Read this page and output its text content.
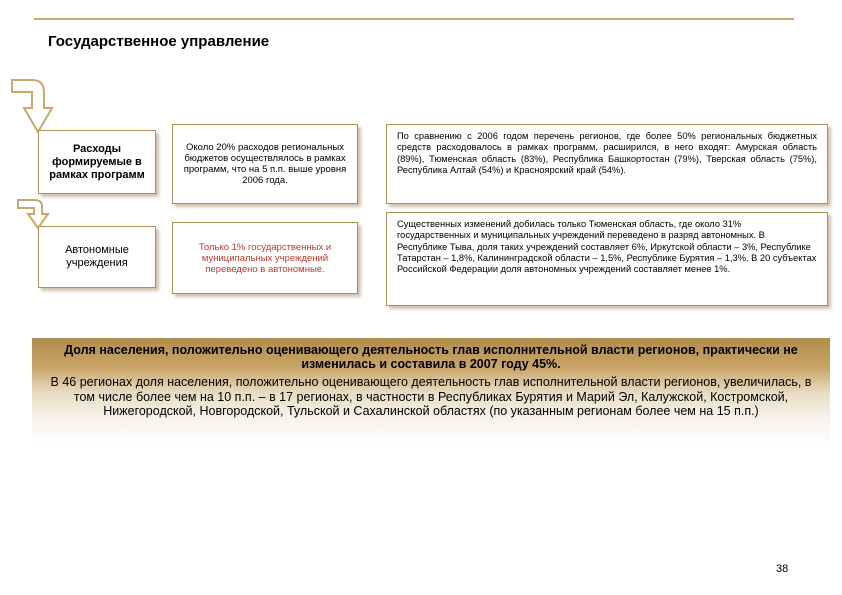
Государственное управление
Расходы формируемые в рамках программ
Около 20% расходов региональных бюджетов осуществлялось в рамках программ, что на 5 п.п. выше уровня 2006 года.
По сравнению с 2006 годом перечень регионов, где более 50% региональных бюджетных средств расходовалось в рамках программ, расширился, в него входят: Амурская область (89%), Тюменская область (83%), Республика Башкортостан (79%), Тверская область (75%), Республика Алтай (54%) и Красноярский край (54%).
Автономные учреждения
Только 1% государственных и муниципальных учреждений переведено в автономные.
Существенных изменений добилась только Тюменская область, где около 31% государственных и муниципальных учреждений переведено в разряд автономных. В Республике Тыва, доля таких учреждений составляет 6%, Иркутской области – 3%, Республике Татарстан – 1,8%, Калининградской области – 1,5%, Республике Бурятия – 1,3%. В 20 субъектах Российской Федерации доля автономных учреждений составляет менее 1%.
Доля населения, положительно оценивающего деятельность глав исполнительной власти регионов, практически не изменилась и составила в 2007 году 45%.
В 46 регионах доля населения, положительно оценивающего деятельность глав исполнительной власти регионов, увеличилась, в том числе более чем на 10 п.п. – в 17 регионах, в частности в Республиках Бурятия и Марий Эл, Калужской, Костромской, Нижегородской, Новгородской, Тульской и Сахалинской областях (по указанным регионам более чем на 15 п.п.)
38
